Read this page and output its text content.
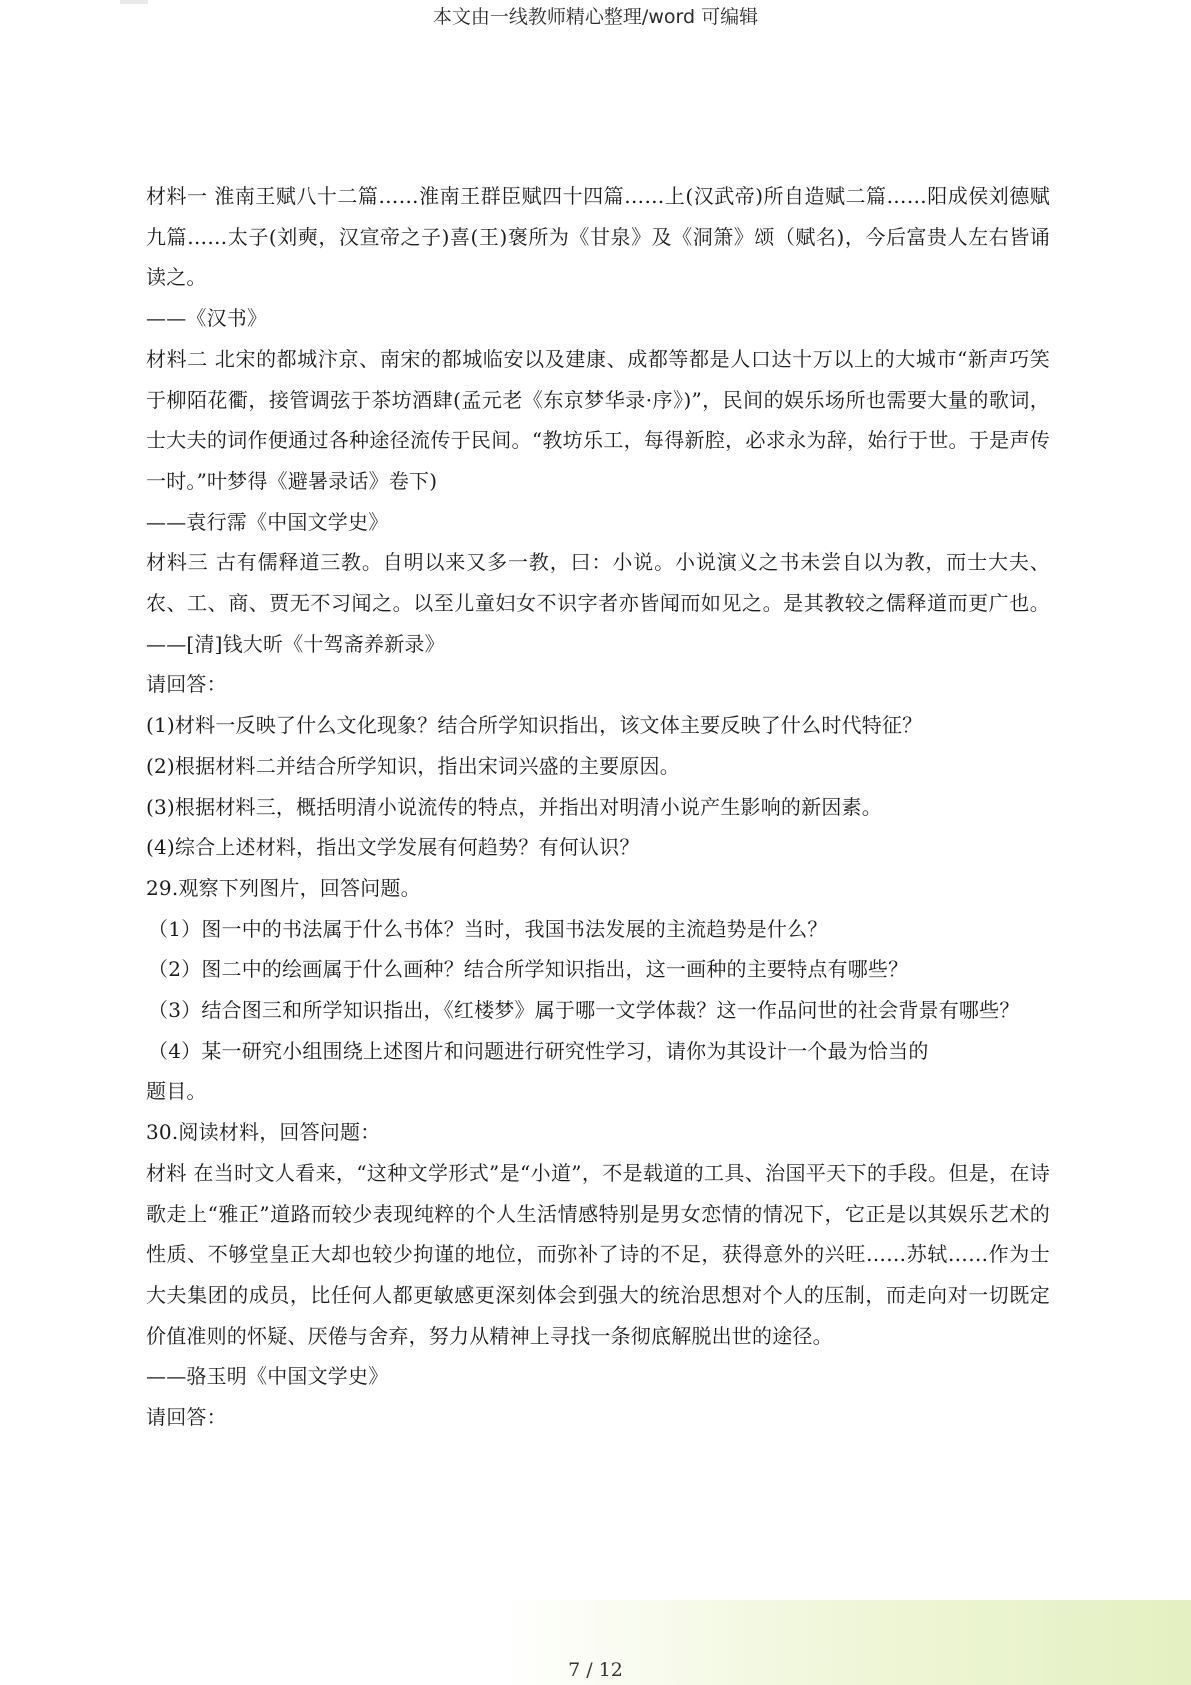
本文由一线教师精心整理/word 可编辑

材料一 淮南王赋八十二篇……淮南王群臣赋四十四篇……上(汉武帝)所自造赋二篇……阳成侯刘德赋九篇……太子(刘奭，汉宣帝之子)喜(王)褒所为《甘泉》及《洞箫》颂（赋名)，今后富贵人左右皆诵读之。

——《汉书》

材料二 北宋的都城汴京、南宋的都城临安以及建康、成都等都是人口达十万以上的大城市“新声巧笑于柳陌花衢，接管调弦于茶坊酒肆(孟元老《东京梦华录·序》)”，民间的娱乐场所也需要大量的歌词，士大夫的词作便通过各种途径流传于民间。“教坊乐工，每得新腔，必求永为辞，始行于世。于是声传一时。”叶梦得《避暑录话》卷下)

——袁行霈《中国文学史》

材料三 古有儒释道三教。自明以来又多一教，曰：小说。小说演义之书未尝自以为教，而士大夫、农、工、商、贾无不习闻之。以至儿童妇女不识字者亦皆闻而如见之。是其教较之儒释道而更广也。 ——[清]钱大昕《十驾斋养新录》

请回答：

(1)材料一反映了什么文化现象？结合所学知识指出，该文体主要反映了什么时代特征？

(2)根据材料二并结合所学知识，指出宋词兴盛的主要原因。

(3)根据材料三，概括明清小说流传的特点，并指出对明清小说产生影响的新因素。

(4)综合上述材料，指出文学发展有何趋势？有何认识？

29.观察下列图片，回答问题。

（1）图一中的书法属于什么书体？当时，我国书法发展的主流趋势是什么？

（2）图二中的绘画属于什么画种？结合所学知识指出，这一画种的主要特点有哪些？

（3）结合图三和所学知识指出，《红楼梦》属于哪一文学体裁？这一作品问世的社会背景有哪些？

（4）某一研究小组围绕上述图片和问题进行研究性学习，请你为其设计一个最为恰当的

题目。

30.阅读材料，回答问题：

材料 在当时文人看来，“这种文学形式”是“小道”，不是载道的工具、治国平天下的手段。但是，在诗歌走上“雅正”道路而较少表现纯粹的个人生活情感特别是男女恋情的情况下，它正是以其娱乐艺术的性质、不够堂皇正大却也较少拘谨的地位，而弥补了诗的不足，获得意外的兴旺……苏轼……作为士大夫集团的成员，比任何人都更敏感更深刻体会到强大的统治思想对个人的压制，而走向对一切既定价值准则的怀疑、厌倦与舍弃，努力从精神上寻找一条彻底解脱出世的途径。

——骆玉明《中国文学史》

请回答：

7 / 12
